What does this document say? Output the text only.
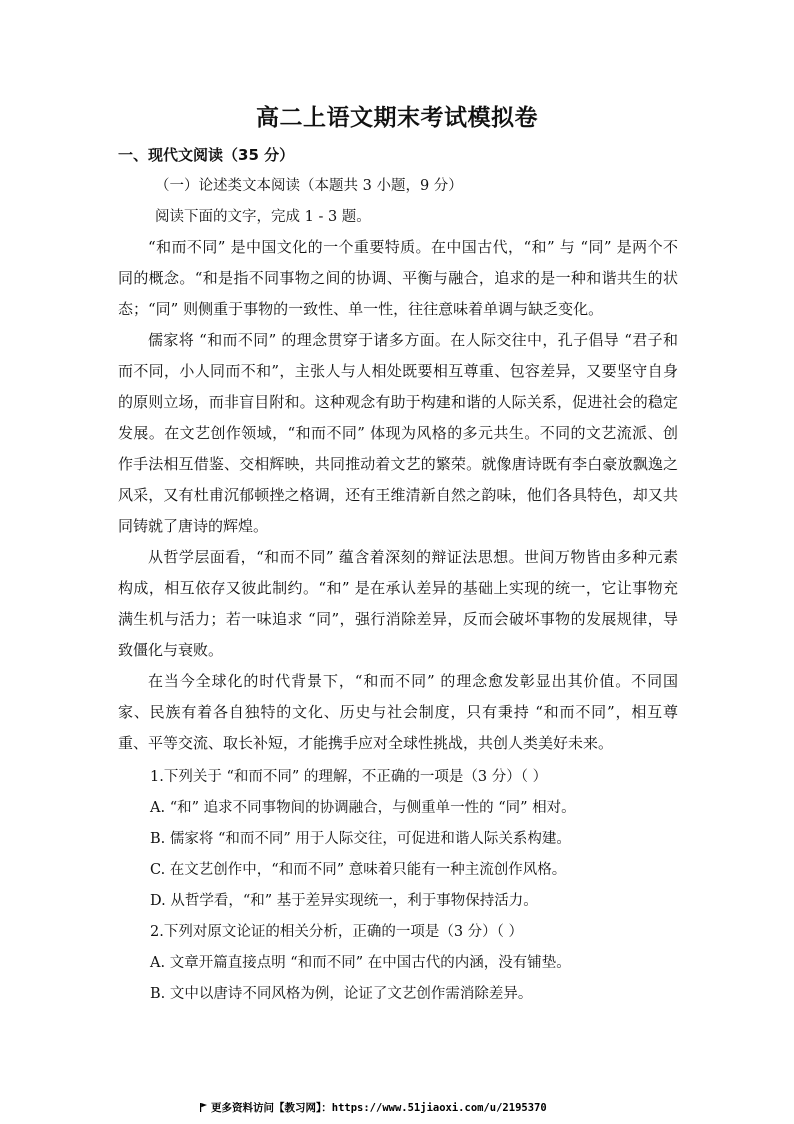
高二上语文期末考试模拟卷
一、现代文阅读（35 分）
（一）论述类文本阅读（本题共 3 小题，9 分）
阅读下面的文字，完成 1 - 3 题。

“和而不同” 是中国文化的一个重要特质。在中国古代，“和” 与 “同” 是两个不同的概念。“和是指不同事物之间的协调、平衡与融合，追求的是一种和谐共生的状态；“同” 则侧重于事物的一致性、单一性，往往意味着单调与缺乏变化。

儒家将 “和而不同” 的理念贯穿于诸多方面。在人际交往中，孔子倡导 “君子和而不同，小人同而不和”，主张人与人相处既要相互尊重、包容差异，又要坚守自身的原则立场，而非盲目附和。这种观念有助于构建和谐的人际关系，促进社会的稳定发展。在文艺创作领域，“和而不同” 体现为风格的多元共生。不同的文艺流派、创作手法相互借鉴、交相辉映，共同推动着文艺的繁荣。就像唐诗既有李白豪放飘逸之风采，又有杜甫沉郁顿挫之格调，还有王维清新自然之韵味，他们各具特色，却又共同铸就了唐诗的辉煌。

从哲学层面看，“和而不同” 蕴含着深刻的辩证法思想。世间万物皆由多种元素构成，相互依存又彼此制约。“和” 是在承认差异的基础上实现的统一，它让事物充满生机与活力；若一味追求 “同”，强行消除差异，反而会破坏事物的发展规律，导致僵化与衰败。

在当今全球化的时代背景下，“和而不同” 的理念愈发彰显出其价值。不同国家、民族有着各自独特的文化、历史与社会制度，只有秉持 “和而不同”，相互尊重、平等交流、取长补短，才能携手应对全球性挑战，共创人类美好未来。

1.下列关于 “和而不同” 的理解，不正确的一项是（3 分）（ ）
A. “和” 追求不同事物间的协调融合，与侧重单一性的 “同” 相对。
B. 儒家将 “和而不同” 用于人际交往，可促进和谐人际关系构建。
C. 在文艺创作中，“和而不同” 意味着只能有一种主流创作风格。
D. 从哲学看，“和” 基于差异实现统一，利于事物保持活力。
2.下列对原文论证的相关分析，正确的一项是（3 分）（ ）
A. 文章开篇直接点明 “和而不同” 在中国古代的内涵，没有铺垫。
B. 文中以唐诗不同风格为例，论证了文艺创作需消除差异。
更多资料访问【教习网】：https://www.51jiaoxi.com/u/2195370
